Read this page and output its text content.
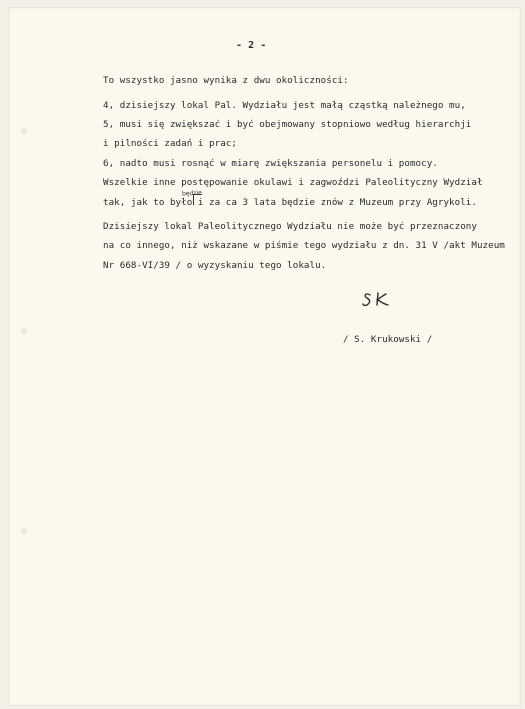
- 2 -
To wszystko jasno wynika z dwu okoliczności:
4, dzisiejszy lokal Pal. Wydziału jest małą cząstką należnego mu,
5, musi się zwiększać i być obejmowany stopniowo według hierarchji
i pilności zadań i prac;
6, nadto musi rosnąć w miarę zwiększania personelu i pomocy.
Wszelkie inne postępowanie okulawi i zagwoździ Paleolityczny Wydział
tak, jak to było i za ca 3 lata będzie znów z Muzeum przy Agrykoli.
będzie
Dzisiejszy lokal Paleolitycznego Wydziału nie może być przeznaczony
na co innego, niż wskazane w piśmie tego wydziału z dn. 31 V /akt Muzeum
Nr 668-VI/39 / o wyzyskaniu tego lokalu.
/ S. Krukowski /
